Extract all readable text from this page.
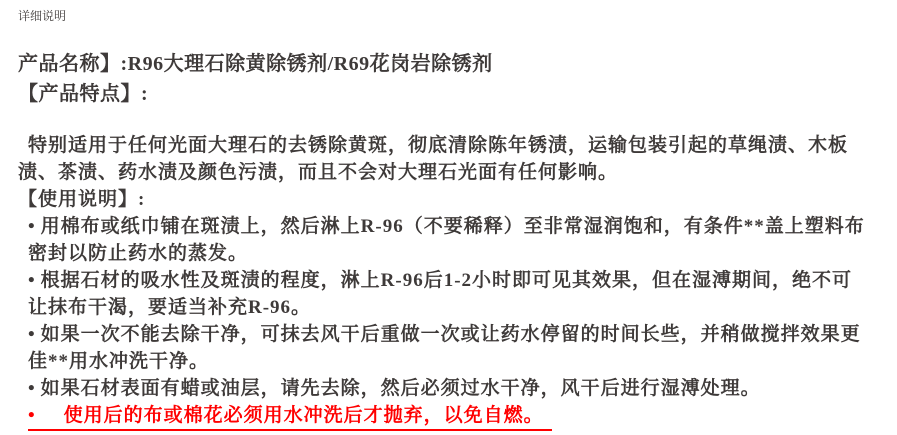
详细说明
产品名称】:R96大理石除黄除锈剂/R69花岗岩除锈剂
【产品特点】:

特别适用于任何光面大理石的去锈除黄斑，彻底清除陈年锈渍，运输包装引起的草绳渍、木板渍、茶渍、药水渍及颜色污渍，而且不会对大理石光面有任何影响。

【使用说明】:
• 用棉布或纸巾铺在斑渍上，然后淋上R-96（不要稀释）至非常湿润饱和，有条件**盖上塑料布密封以防止药水的蒸发。
• 根据石材的吸水性及斑渍的程度，淋上R-96后1-2小时即可见其效果，但在湿溥期间，绝不可让抹布干渴，要适当补充R-96。
• 如果一次不能去除干净，可抹去风干后重做一次或让药水停留的时间长些，并稍做搅拌效果更佳**用水冲洗干净。
• 如果石材表面有蜡或油层，请先去除，然后必须过水干净，风干后进行湿溥处理。
• 使用后的布或棉花必须用水冲洗后才抛弃，以免自燃。
